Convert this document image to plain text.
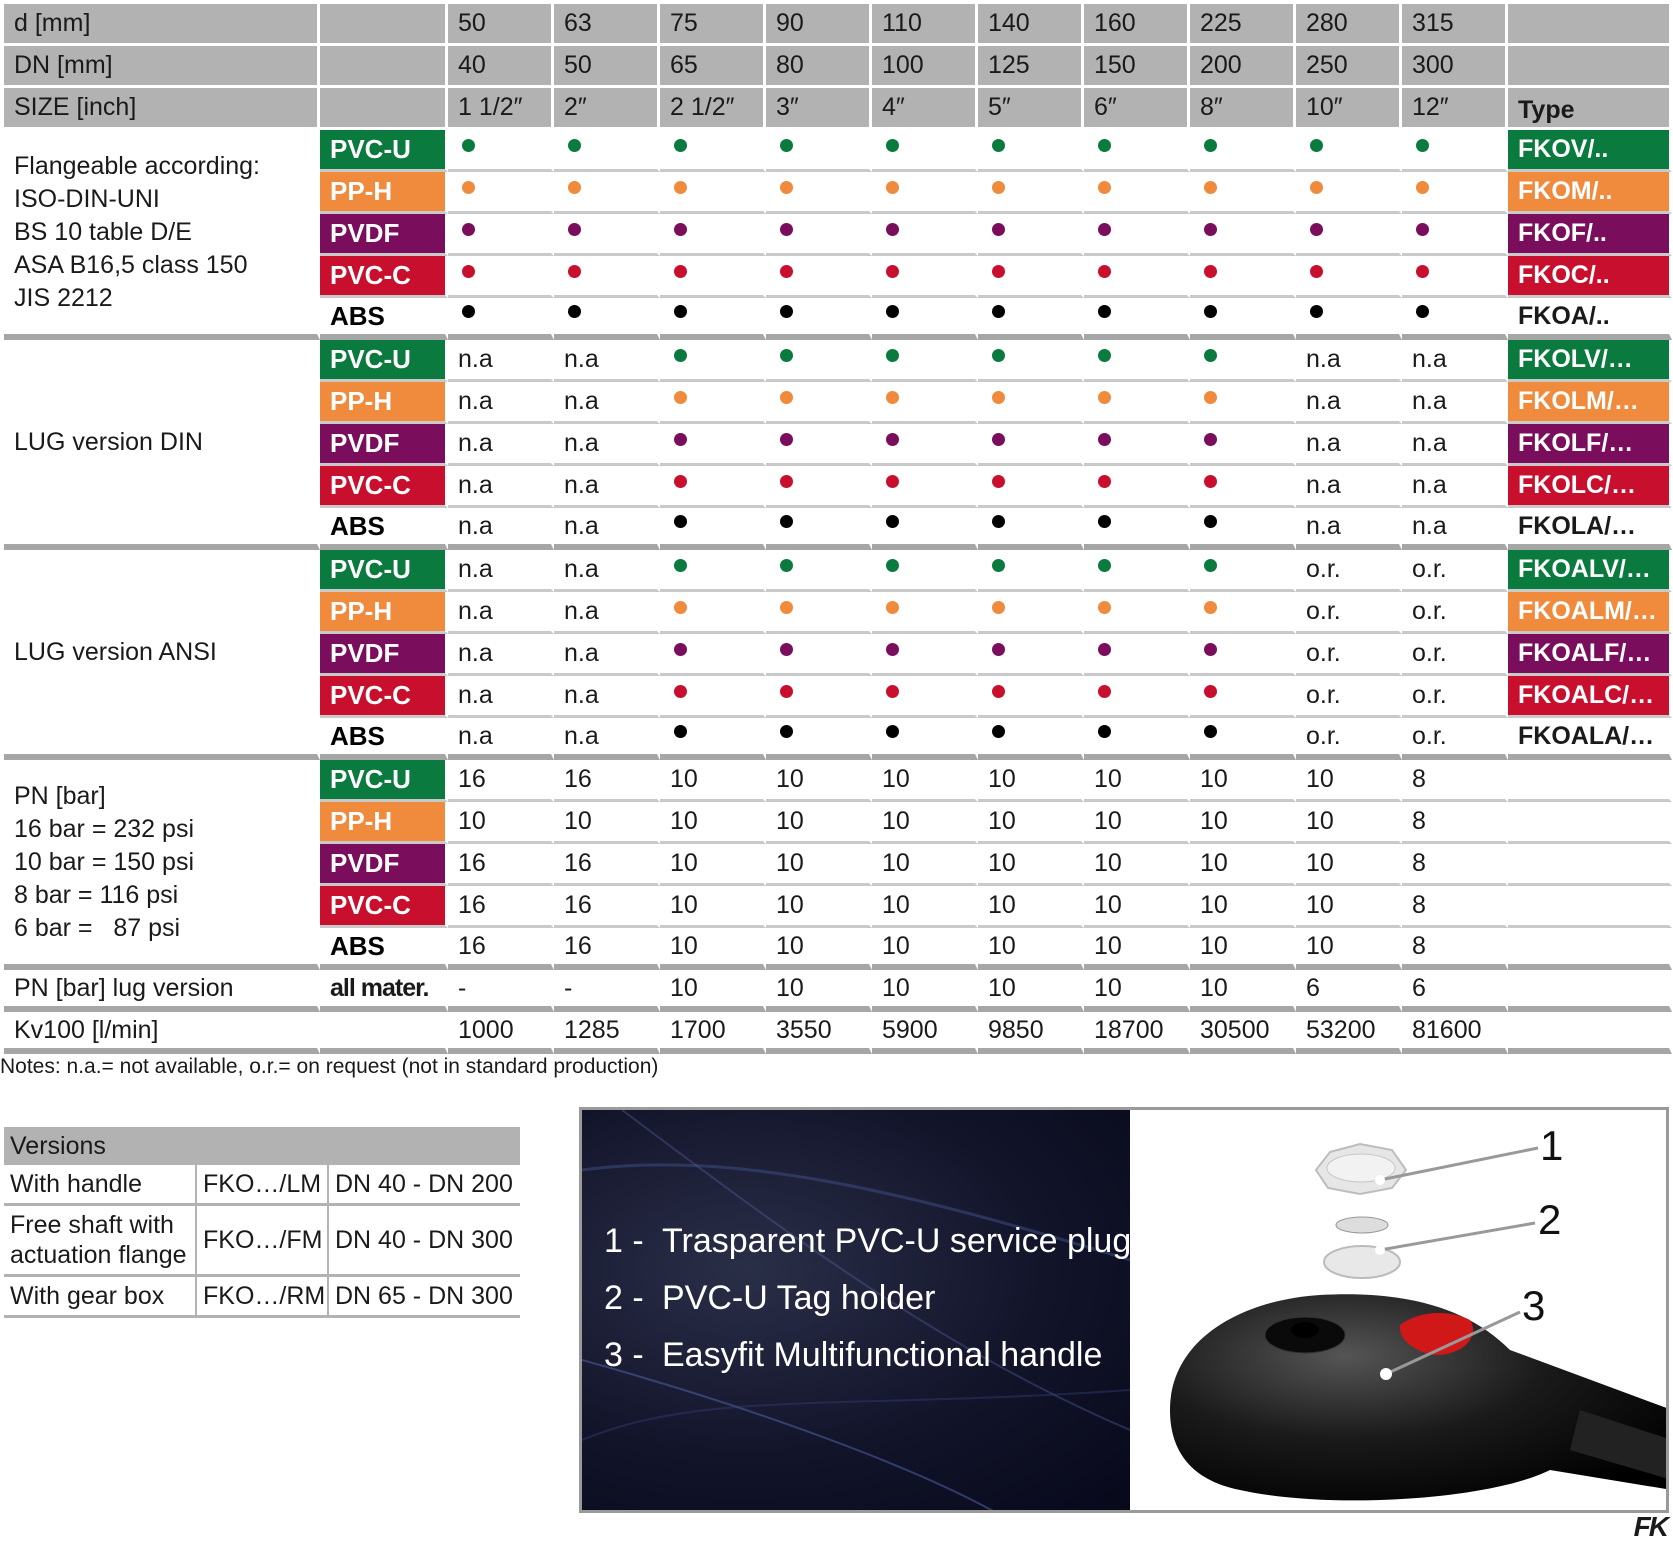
d [mm]		50	63	75	90	110	140	160	225	280	315	
DN [mm]		40	50	65	80	100	125	150	200	250	300	
SIZE [inch]		1 1/2″	2″	2 1/2″	3″	4″	5″	6″	8″	10″	12″	Type

Flangeable according:
ISO-DIN-UNI
BS 10 table D/E
ASA B16,5 class 150
JIS 2212	PVC-U											FKOV/..
	PP-H											FKOM/..
	PVDF											FKOF/..
	PVC-C											FKOC/..
	ABS											FKOA/..

LUG version DIN	PVC-U	n.a	n.a							n.a	n.a	FKOLV/…
	PP-H	n.a	n.a							n.a	n.a	FKOLM/…
	PVDF	n.a	n.a							n.a	n.a	FKOLF/…
	PVC-C	n.a	n.a							n.a	n.a	FKOLC/…
	ABS	n.a	n.a							n.a	n.a	FKOLA/…

LUG version ANSI	PVC-U	n.a	n.a							o.r.	o.r.	FKOALV/…
	PP-H	n.a	n.a							o.r.	o.r.	FKOALM/…
	PVDF	n.a	n.a							o.r.	o.r.	FKOALF/…
	PVC-C	n.a	n.a							o.r.	o.r.	FKOALC/…
	ABS	n.a	n.a							o.r.	o.r.	FKOALA/…

PN [bar]
16 bar = 232 psi
10 bar = 150 psi
8 bar = 116 psi
6 bar =   87 psi	PVC-U	16	16	10	10	10	10	10	10	10	8	
	PP-H	10	10	10	10	10	10	10	10	10	8	
	PVDF	16	16	10	10	10	10	10	10	10	8	
	PVC-C	16	16	10	10	10	10	10	10	10	8	
	ABS	16	16	10	10	10	10	10	10	10	8	
PN [bar] lug version	all mater.	-	-	10	10	10	10	10	10	6	6	
Kv100 [l/min]		1000	1285	1700	3550	5900	9850	18700	30500	53200	81600	
Notes: n.a.= not available, o.r.= on request (not in standard production)
Versions		
With handle	FKO…/LM	DN 40 - DN 200
Free shaft with actuation flange	FKO…/FM	DN 40 - DN 300
With gear box	FKO…/RM	DN 65 - DN 300
1 - Trasparent PVC-U service plug
2 - PVC-U Tag holder
3 - Easyfit Multifunctional handle
1
2
3
FK
